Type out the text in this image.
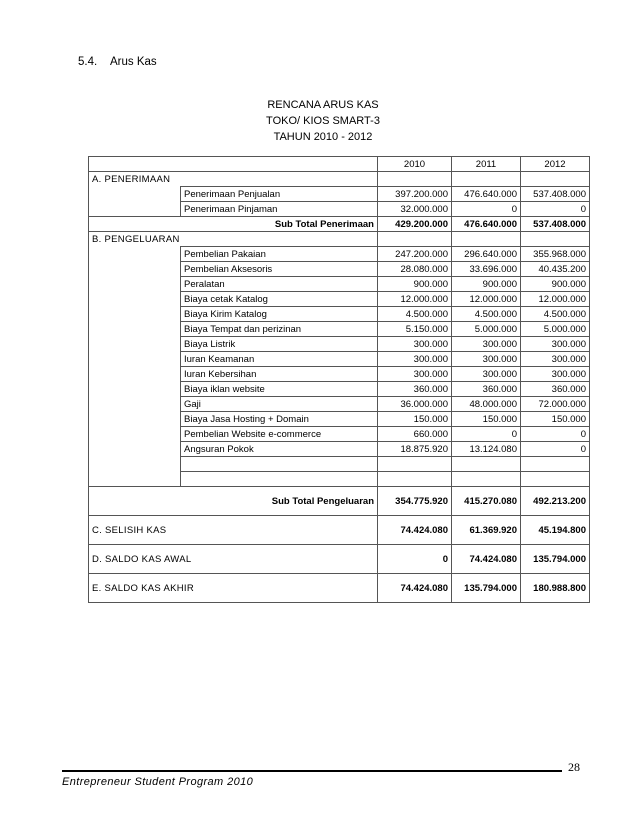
5.4. Arus Kas
RENCANA ARUS KAS
TOKO/ KIOS SMART-3
TAHUN 2010 - 2012
		2010	2011	2012
A. PENERIMAAN				
	Penerimaan Penjualan	397.200.000	476.640.000	537.408.000
	Penerimaan Pinjaman	32.000.000	0	0
Sub Total Penerimaan		429.200.000	476.640.000	537.408.000
B. PENGELUARAN				
	Pembelian Pakaian	247.200.000	296.640.000	355.968.000
	Pembelian Aksesoris	28.080.000	33.696.000	40.435.200
	Peralatan	900.000	900.000	900.000
	Biaya cetak Katalog	12.000.000	12.000.000	12.000.000
	Biaya Kirim Katalog	4.500.000	4.500.000	4.500.000
	Biaya Tempat dan perizinan	5.150.000	5.000.000	5.000.000
	Biaya Listrik	300.000	300.000	300.000
	Iuran Keamanan	300.000	300.000	300.000
	Iuran Kebersihan	300.000	300.000	300.000
	Biaya iklan website	360.000	360.000	360.000
	Gaji	36.000.000	48.000.000	72.000.000
	Biaya Jasa Hosting + Domain	150.000	150.000	150.000
	Pembelian Website e-commerce	660.000	0	0
	Angsuran Pokok	18.875.920	13.124.080	0

Sub Total Pengeluaran		354.775.920	415.270.080	492.213.200
C. SELISIH KAS		74.424.080	61.369.920	45.194.800
D. SALDO KAS AWAL		0	74.424.080	135.794.000
E. SALDO KAS AKHIR		74.424.080	135.794.000	180.988.800
28
Entrepreneur Student Program 2010
